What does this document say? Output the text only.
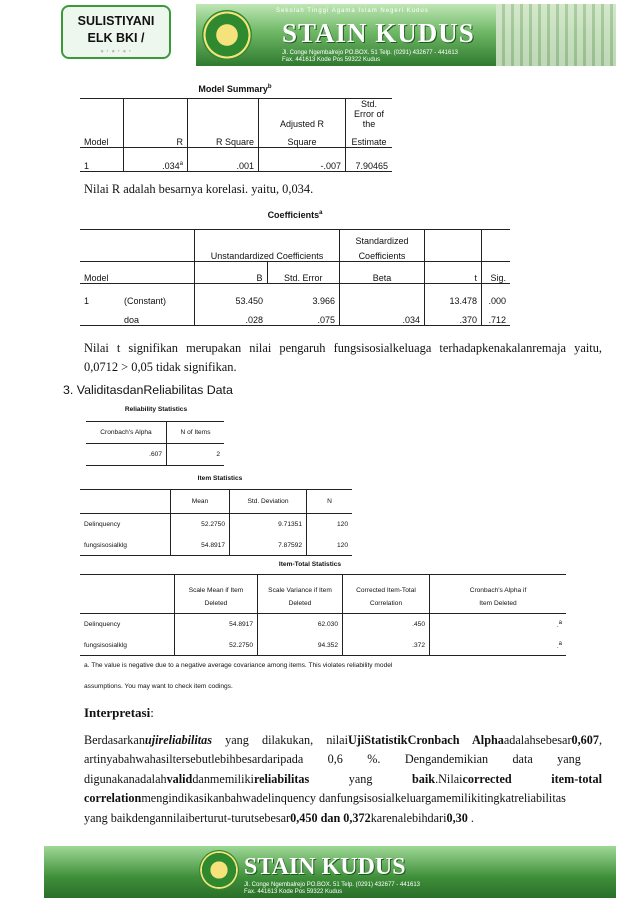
SULISTIYANI
ELK BKI /
• · • · • ·
Sekolah Tinggi Agama Islam Negeri Kudus
STAIN KUDUS
Jl. Conge Ngembalrejo PO.BOX. 51 Telp. (0291) 432677 - 441613
Fax. 441613 Kode Pos 59322 Kudus
Model Summary$^b$
			Adjusted R	Std. Error of the
Model	R	R Square	Square	Estimate
1	.034$^a$	.001	-.007	7.90465
Nilai R adalah besarnya korelasi. yaitu, 0,034.
Coefficients$^a$
				Standardized		
		Unstandardized Coefficients		Coefficients		
Model		B	Std. Error	Beta	t	Sig.
1	(Constant)	53.450	3.966		13.478	.000
	doa	.028	.075	.034	.370	.712
Nilai t signifikan merupakan nilai pengaruh fungsisosialkeluaga terhadapkenakalanremaja yaitu,
0,0712 > 0,05 tidak signifikan.
3. ValiditasdanReliabilitas Data
Reliability Statistics
Cronbach's Alpha	N of Items
.607	2
Item Statistics
	Mean	Std. Deviation	N
Delinquency	52.2750	9.71351	120
fungsisosialklg	54.8917	7.87592	120
Item-Total Statistics
	Scale Mean if Item	Scale Variance if Item	Corrected Item-Total	Cronbach's Alpha if
	Deleted	Deleted	Correlation	Item Deleted
Delinquency	54.8917	62.030	.450	.$^a$
fungsisosialklg	52.2750	94.352	.372	.$^a$
a. The value is negative due to a negative average covariance among items. This violates reliability model
assumptions. You may want to check item codings.
Interpretasi:
Berdasarkanujireliabilitas yang dilakukan, nilaiUjiStatistikCronbach Alphaadalahsebesar0,607,
artinyabahwahasiltersebutlebihbesardaripada        0,6        %.        Dengandemikian        data        yang
digunakanadalahvaliddanmemilikireliabilitas	yang	baik.Nilaicorrected	item-total
correlationmengindikasikanbahwadelinquency danfungsisosialkeluargamemilikitingkatreliabilitas
yang baikdengannilaiberturut-turutsebesar0,450 dan 0,372karenalebihdari0,30 .
STAIN KUDUS
Jl. Conge Ngembalrejo PO.BOX. 51 Telp. (0291) 432677 - 441613
Fax. 441613 Kode Pos 59322 Kudus
